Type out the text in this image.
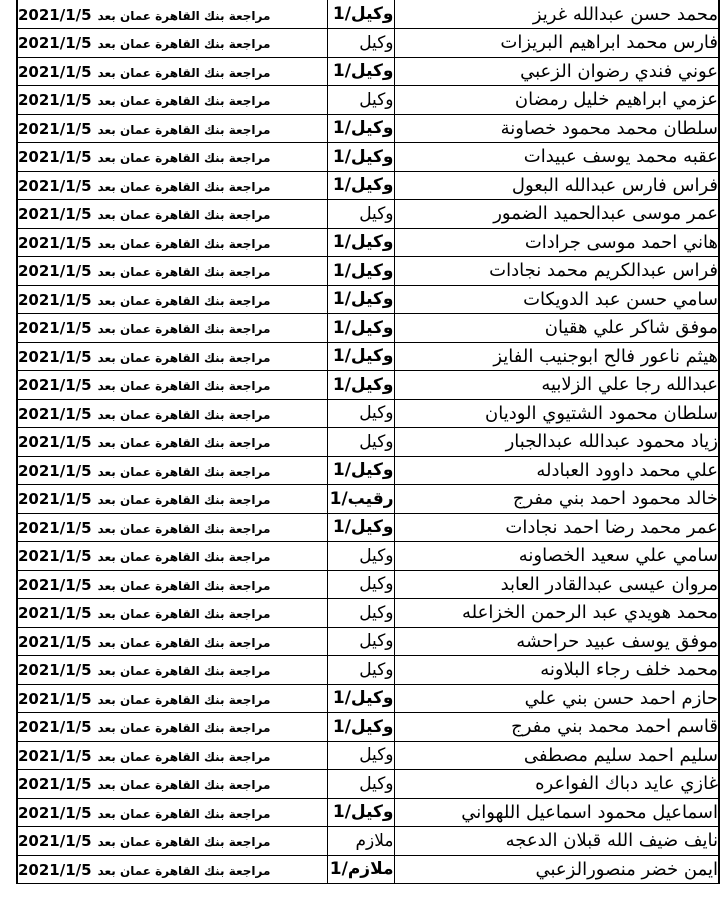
محمد حسن عبدالله غريز	وكيل/1	2021/1/5 مراجعة بنك القاهرة عمان بعد
فارس محمد ابراهيم البريزات	وكيل	2021/1/5 مراجعة بنك القاهرة عمان بعد
عوني فندي رضوان الزعبي	وكيل/1	2021/1/5 مراجعة بنك القاهرة عمان بعد
عزمي ابراهيم خليل رمضان	وكيل	2021/1/5 مراجعة بنك القاهرة عمان بعد
سلطان محمد محمود خصاونة	وكيل/1	2021/1/5 مراجعة بنك القاهرة عمان بعد
عقبه محمد يوسف عبيدات	وكيل/1	2021/1/5 مراجعة بنك القاهرة عمان بعد
فراس فارس عبدالله البعول	وكيل/1	2021/1/5 مراجعة بنك القاهرة عمان بعد
عمر موسى عبدالحميد الضمور	وكيل	2021/1/5 مراجعة بنك القاهرة عمان بعد
هاني احمد موسى جرادات	وكيل/1	2021/1/5 مراجعة بنك القاهرة عمان بعد
فراس عبدالكريم محمد نجادات	وكيل/1	2021/1/5 مراجعة بنك القاهرة عمان بعد
سامي حسن عبد الدويكات	وكيل/1	2021/1/5 مراجعة بنك القاهرة عمان بعد
موفق شاكر علي هقيان	وكيل/1	2021/1/5 مراجعة بنك القاهرة عمان بعد
هيثم ناعور فالح ابوجنيب الفايز	وكيل/1	2021/1/5 مراجعة بنك القاهرة عمان بعد
عبدالله رجا علي الزلابيه	وكيل/1	2021/1/5 مراجعة بنك القاهرة عمان بعد
سلطان محمود الشتيوي الوديان	وكيل	2021/1/5 مراجعة بنك القاهرة عمان بعد
زياد محمود عبدالله عبدالجبار	وكيل	2021/1/5 مراجعة بنك القاهرة عمان بعد
علي محمد داوود العبادله	وكيل/1	2021/1/5 مراجعة بنك القاهرة عمان بعد
خالد محمود احمد بني مفرج	رقيب/1	2021/1/5 مراجعة بنك القاهرة عمان بعد
عمر محمد رضا احمد نجادات	وكيل/1	2021/1/5 مراجعة بنك القاهرة عمان بعد
سامي علي سعيد الخصاونه	وكيل	2021/1/5 مراجعة بنك القاهرة عمان بعد
مروان عيسى عبدالقادر العابد	وكيل	2021/1/5 مراجعة بنك القاهرة عمان بعد
محمد هويدي عبد الرحمن الخزاعله	وكيل	2021/1/5 مراجعة بنك القاهرة عمان بعد
موفق يوسف عبيد حراحشه	وكيل	2021/1/5 مراجعة بنك القاهرة عمان بعد
محمد خلف رجاء البلاونه	وكيل	2021/1/5 مراجعة بنك القاهرة عمان بعد
حازم احمد حسن بني علي	وكيل/1	2021/1/5 مراجعة بنك القاهرة عمان بعد
قاسم احمد محمد بني مفرج	وكيل/1	2021/1/5 مراجعة بنك القاهرة عمان بعد
سليم احمد سليم مصطفى	وكيل	2021/1/5 مراجعة بنك القاهرة عمان بعد
غازي عايد دباك الفواعره	وكيل	2021/1/5 مراجعة بنك القاهرة عمان بعد
اسماعيل محمود اسماعيل اللهواني	وكيل/1	2021/1/5 مراجعة بنك القاهرة عمان بعد
نايف ضيف الله قبلان الدعجه	ملازم	2021/1/5 مراجعة بنك القاهرة عمان بعد
ايمن خضر منصورالزعبي	ملازم/1	2021/1/5 مراجعة بنك القاهرة عمان بعد
